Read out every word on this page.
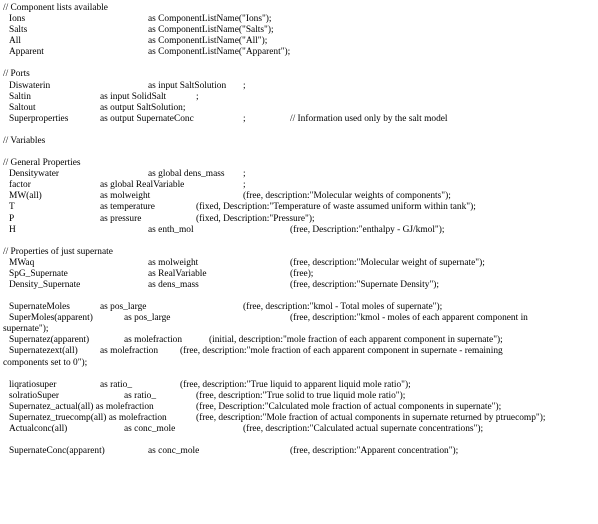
// Component lists available
Ions	as ComponentListName("Ions");
Salts	as ComponentListName("Salts");
All	as ComponentListName("All");
Apparent	as ComponentListName("Apparent");
// Ports
Diswaterin	as input SaltSolution ;
Saltin	as input SolidSalt	;
Saltout	as output SaltSolution;
Superproperties	as output SupernateConc	;	// Information used only by the salt model
// Variables
// General Properties
Densitywater	as global dens_mass ;
factor	as global RealVariable	;
MW(all)	as molweight	(free, description:"Molecular weights of components");
T	as temperature	(fixed, Description:"Temperature of waste assumed uniform within tank");
P	as pressure	(fixed, Description:"Pressure");
H	as enth_mol	(free, Description:"enthalpy - GJ/kmol");
// Properties of just supernate
MWaq	as molweight	(free, description:"Molecular weight of supernate");
SpG_Supernate	as RealVariable	(free);
Density_Supernate	as dens_mass	(free, description:"Supernate Density");
SupernateMoles	as pos_large	(free, description:"kmol - Total moles of supernate");
SuperMoles(apparent)	as pos_large	(free, description:"kmol - moles of each apparent component in
supernate");
Supernatez(apparent)	as molefraction	(initial, description:"mole fraction of each apparent component in supernate");
Supernatezext(all) as molefraction (free, description:"mole fraction of each apparent component in supernate - remaining
components set to 0");
liqratiosuper	as ratio_	(free, description:"True liquid to apparent liquid mole ratio");
solratioSuper	as ratio_	(free, description:"True solid to true liquid mole ratio");
Supernatez_actual(all) as molefraction	(free, Description:"Calculated mole fraction of actual components in supernate");
Supernatez_truecomp(all) as molefraction	(free, description:"Mole fraction of actual components in supernate returned by ptruecomp");
Actualconc(all)	as conc_mole	(free, description:"Calculated actual supernate concentrations");
SupernateConc(apparent)	as conc_mole	(free, description:"Apparent concentration");
